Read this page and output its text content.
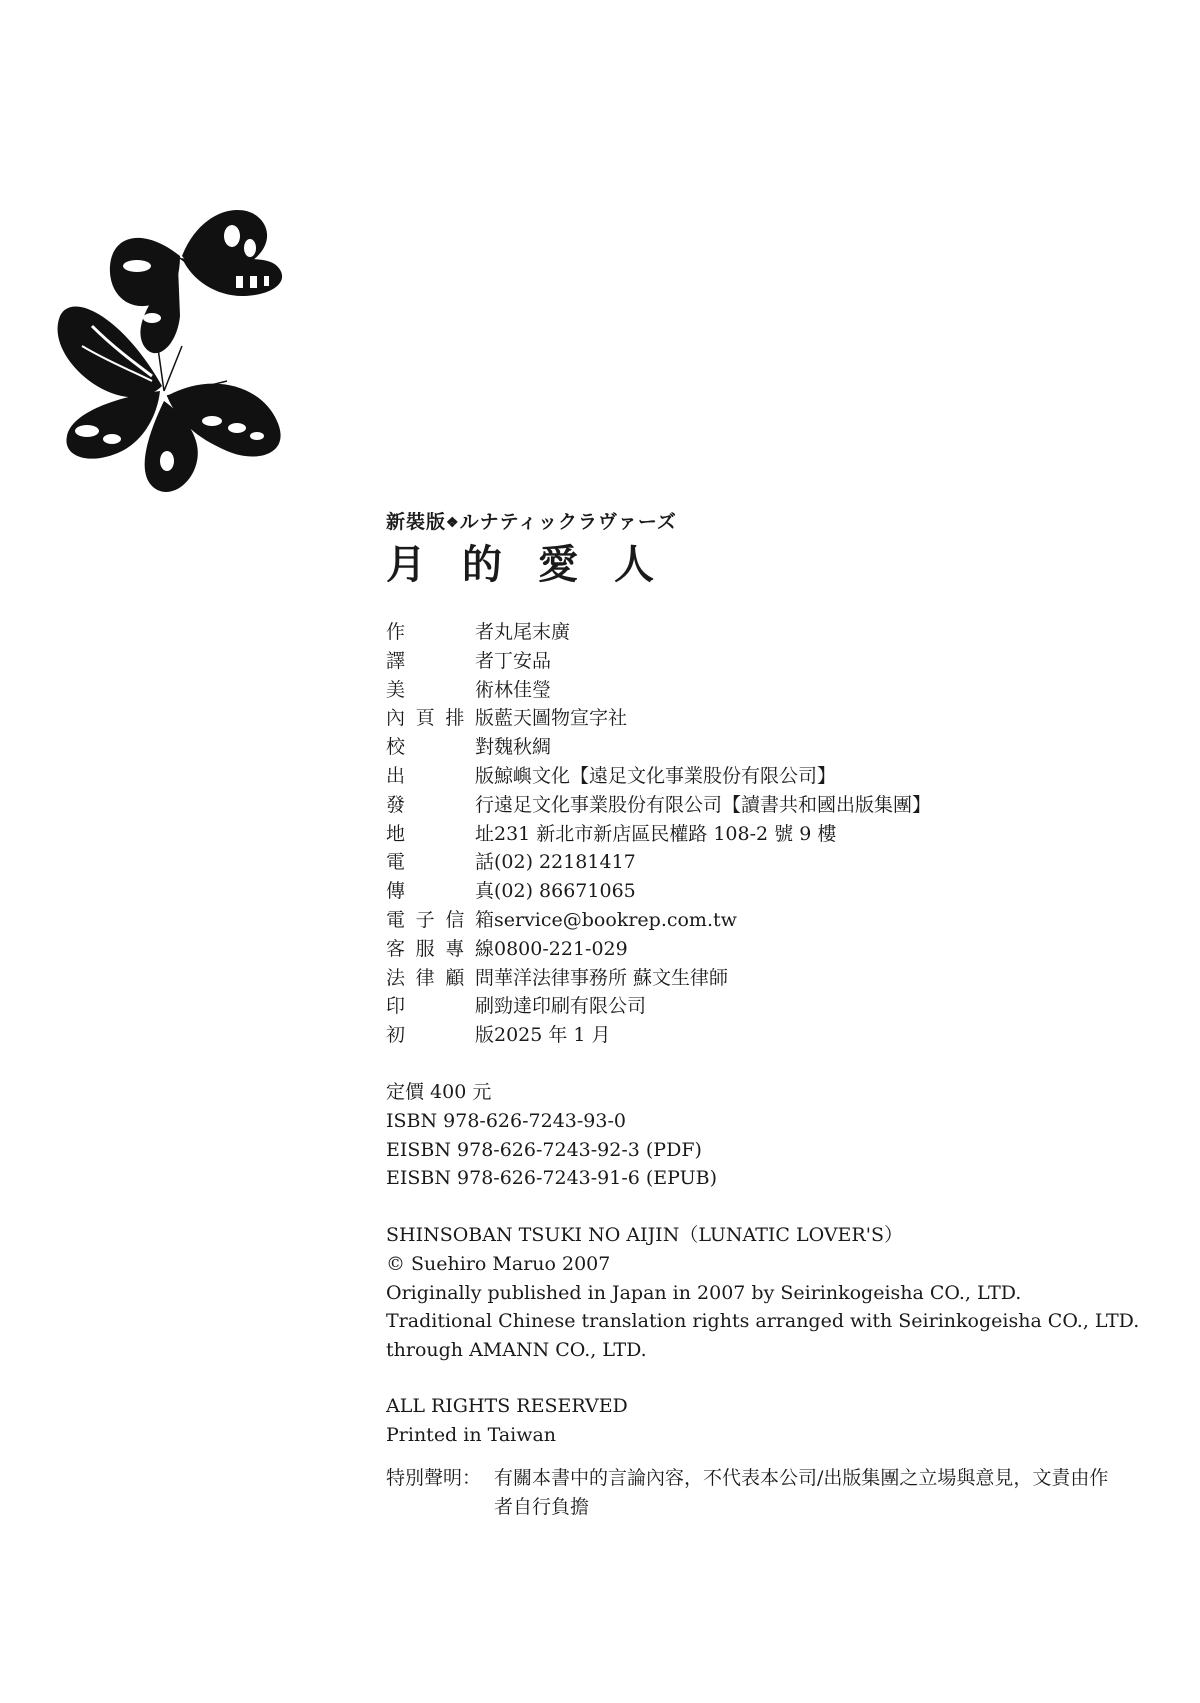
新裝版❖ルナティックラヴァーズ

月的愛人
作者丸尾末廣
譯者丁安品
美術林佳瑩
內頁排版藍天圖物宣字社
校對魏秋綢
出版鯨嶼文化【遠足文化事業股份有限公司】
發行遠足文化事業股份有限公司【讀書共和國出版集團】
地址231 新北市新店區民權路 108-2 號 9 樓
電話(02) 22181417
傳真(02) 86671065
電子信箱service@bookrep.com.tw
客服專線0800-221-029
法律顧問華洋法律事務所 蘇文生律師
印刷勁達印刷有限公司
初版2025 年 1 月
定價 400 元
ISBN 978-626-7243-93-0
EISBN 978-626-7243-92-3 (PDF)
EISBN 978-626-7243-91-6 (EPUB)
SHINSOBAN TSUKI NO AIJIN（LUNATIC LOVER'S）
© Suehiro Maruo 2007
Originally published in Japan in 2007 by Seirinkogeisha CO., LTD.
Traditional Chinese translation rights arranged with Seirinkogeisha CO., LTD.
through AMANN CO., LTD.
ALL RIGHTS RESERVED
Printed in Taiwan
特別聲明： 有關本書中的言論內容，不代表本公司/出版集團之立場與意見，文責由作者自行負擔
